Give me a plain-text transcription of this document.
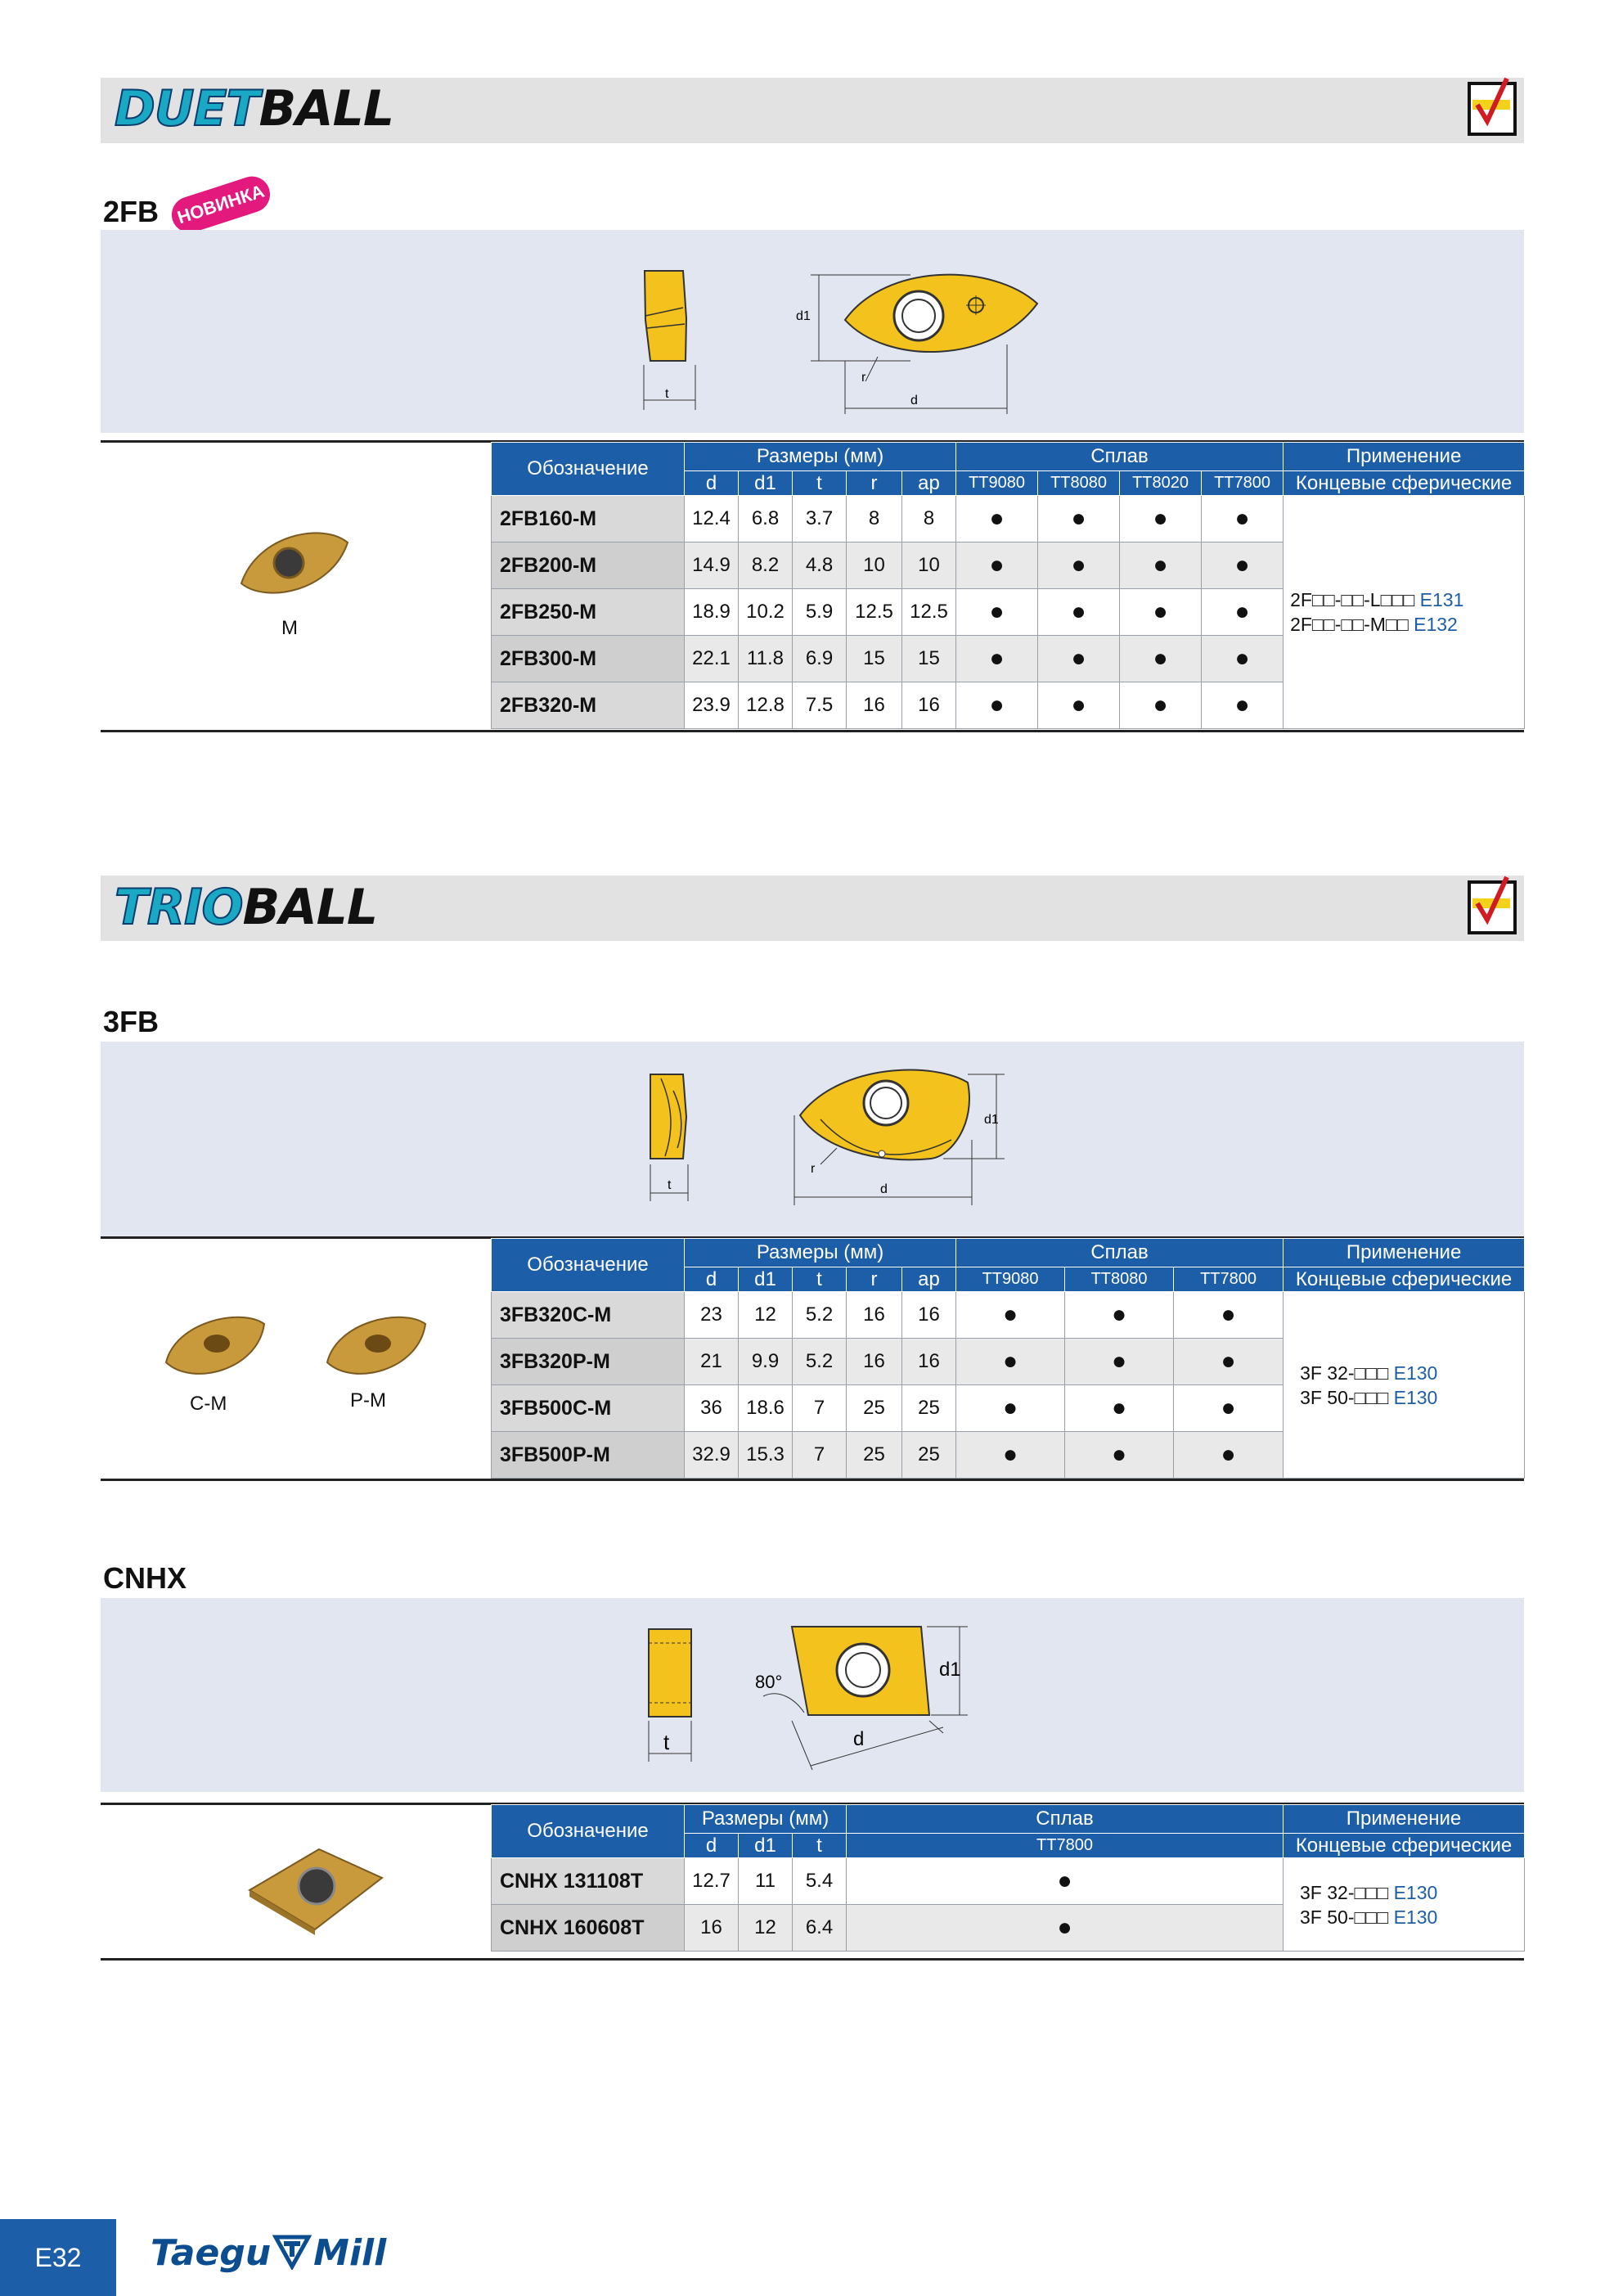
DUETBALL
2FB НОВИНКА
t
d1
d
r
M
Обозначение	Размеры (мм)					Сплав				Применение
	d	d1	t	r	ap	TT9080	TT8080	TT8020	TT7800	Концевые сферические
2FB160-M	12.4	6.8	3.7	8	8	●	●	●	●	2F□□-□□-L□□□ E131
2F□□-□□-M□□ E132

2FB200-M	14.9	8.2	4.8	10	10	●	●	●	●	
2FB250-M	18.9	10.2	5.9	12.5	12.5	●	●	●	●	
2FB300-M	22.1	11.8	6.9	15	15	●	●	●	●	
2FB320-M	23.9	12.8	7.5	16	16	●	●	●	●	
TRIOBALL
3FB
t
d1
d
r
C-M	P-M
Обозначение	Размеры (мм)					Сплав			Применение
	d	d1	t	r	ap	TT9080	TT8080	TT7800	Концевые сферические
3FB320C-M	23	12	5.2	16	16	●	●	●	3F 32-□□□ E130
3F 50-□□□ E130

3FB320P-M	21	9.9	5.2	16	16	●	●	●	
3FB500C-M	36	18.6	7	25	25	●	●	●	
3FB500P-M	32.9	15.3	7	25	25	●	●	●	
CNHX
t
d1
d
80°
Обозначение	Размеры (мм)			Сплав	Применение
	d	d1	t	TT7800	Концевые сферические
CNHX 131108T	12.7	11	5.4	●	3F 32-□□□ E130
3F 50-□□□ E130

CNHX 160608T	16	12	6.4	●	
E32	Taegu Mill
